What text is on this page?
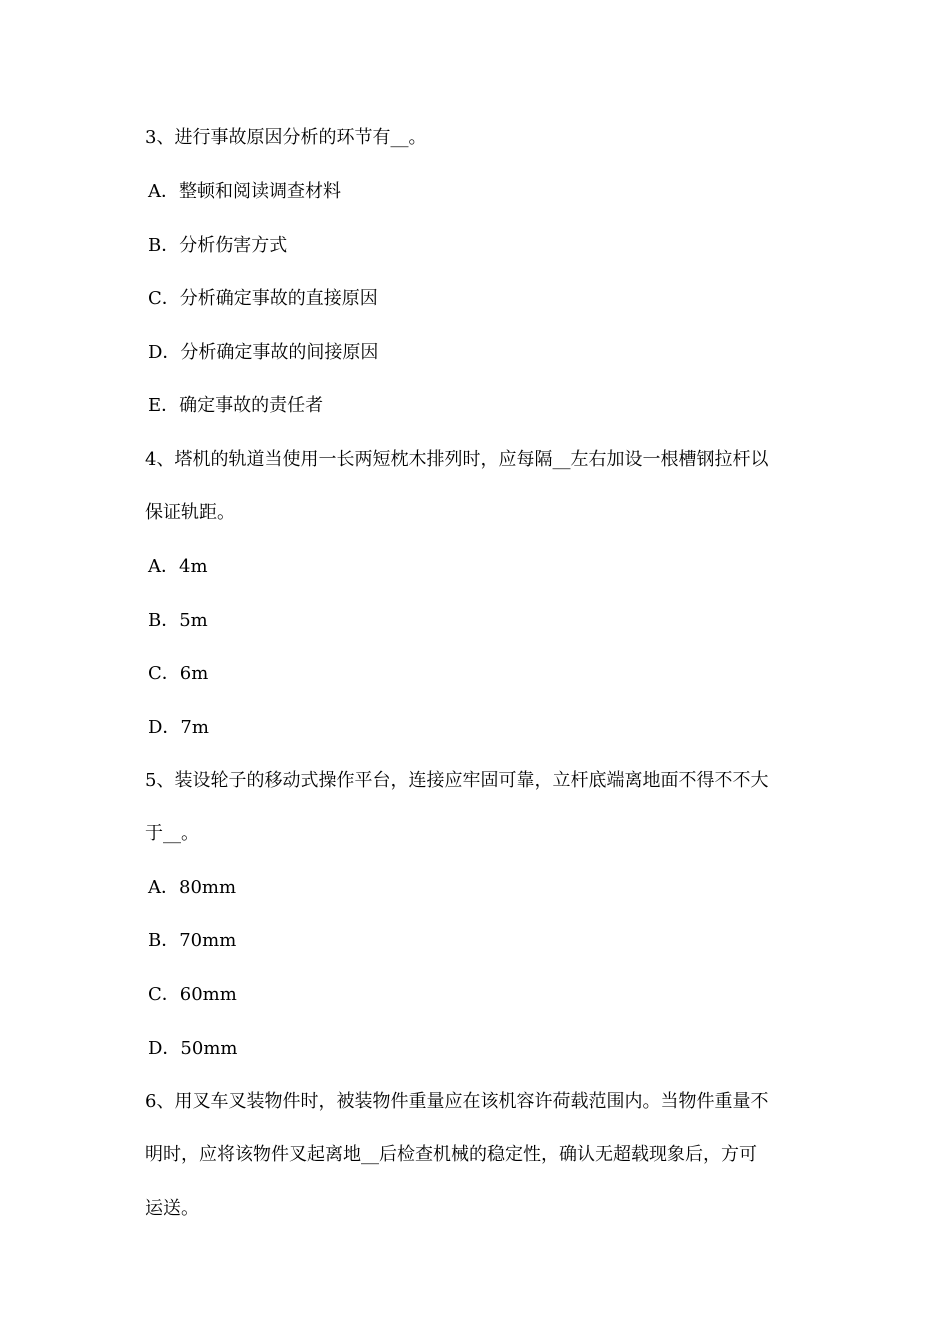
3、进行事故原因分析的环节有__。
A．整顿和阅读调查材料
B．分析伤害方式
C．分析确定事故的直接原因
D．分析确定事故的间接原因
E．确定事故的责任者
4、塔机的轨道当使用一长两短枕木排列时，应每隔__左右加设一根槽钢拉杆以
保证轨距。
A．4m
B．5m
C．6m
D．7m
5、装设轮子的移动式操作平台，连接应牢固可靠，立杆底端离地面不得不不大
于__。
A．80mm
B．70mm
C．60mm
D．50mm
6、用叉车叉装物件时，被装物件重量应在该机容许荷载范围内。当物件重量不
明时，应将该物件叉起离地__后检查机械的稳定性，确认无超载现象后，方可
运送。
